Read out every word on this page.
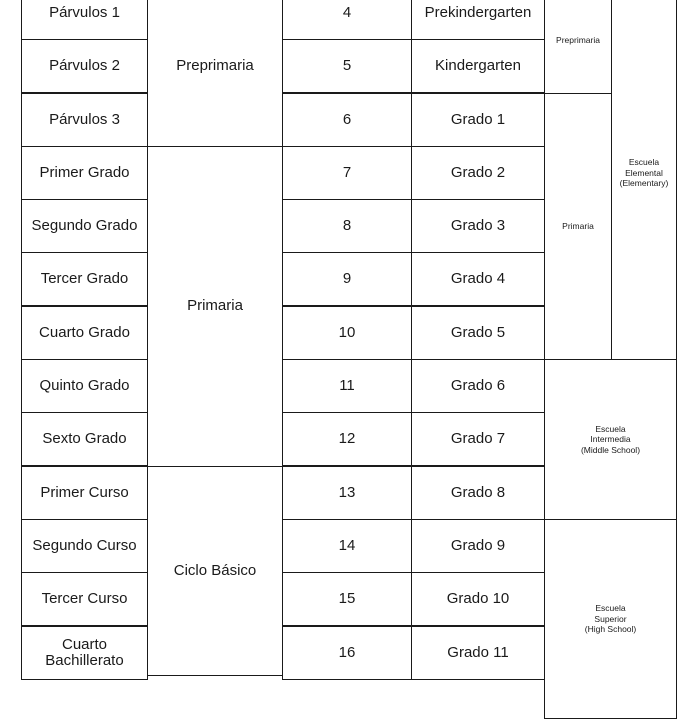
Preprimaria
Primaria
Ciclo Básico
Preprimaria
Primaria
Escuela
Elemental
(Elementary)
Escuela
Intermedia
(Middle School)
Escuela
Superior
(High School)
Párvulos 1
Párvulos 2
Párvulos 3
Primer Grado
Segundo Grado
Tercer Grado
Cuarto Grado
Quinto Grado
Sexto Grado
Primer Curso
Segundo Curso
Tercer Curso
Cuarto Bachillerato
4
5
6
7
8
9
10
11
12
13
14
15
16
Prekindergarten
Kindergarten
Grado 1
Grado 2
Grado 3
Grado 4
Grado 5
Grado 6
Grado 7
Grado 8
Grado 9
Grado 10
Grado 11
